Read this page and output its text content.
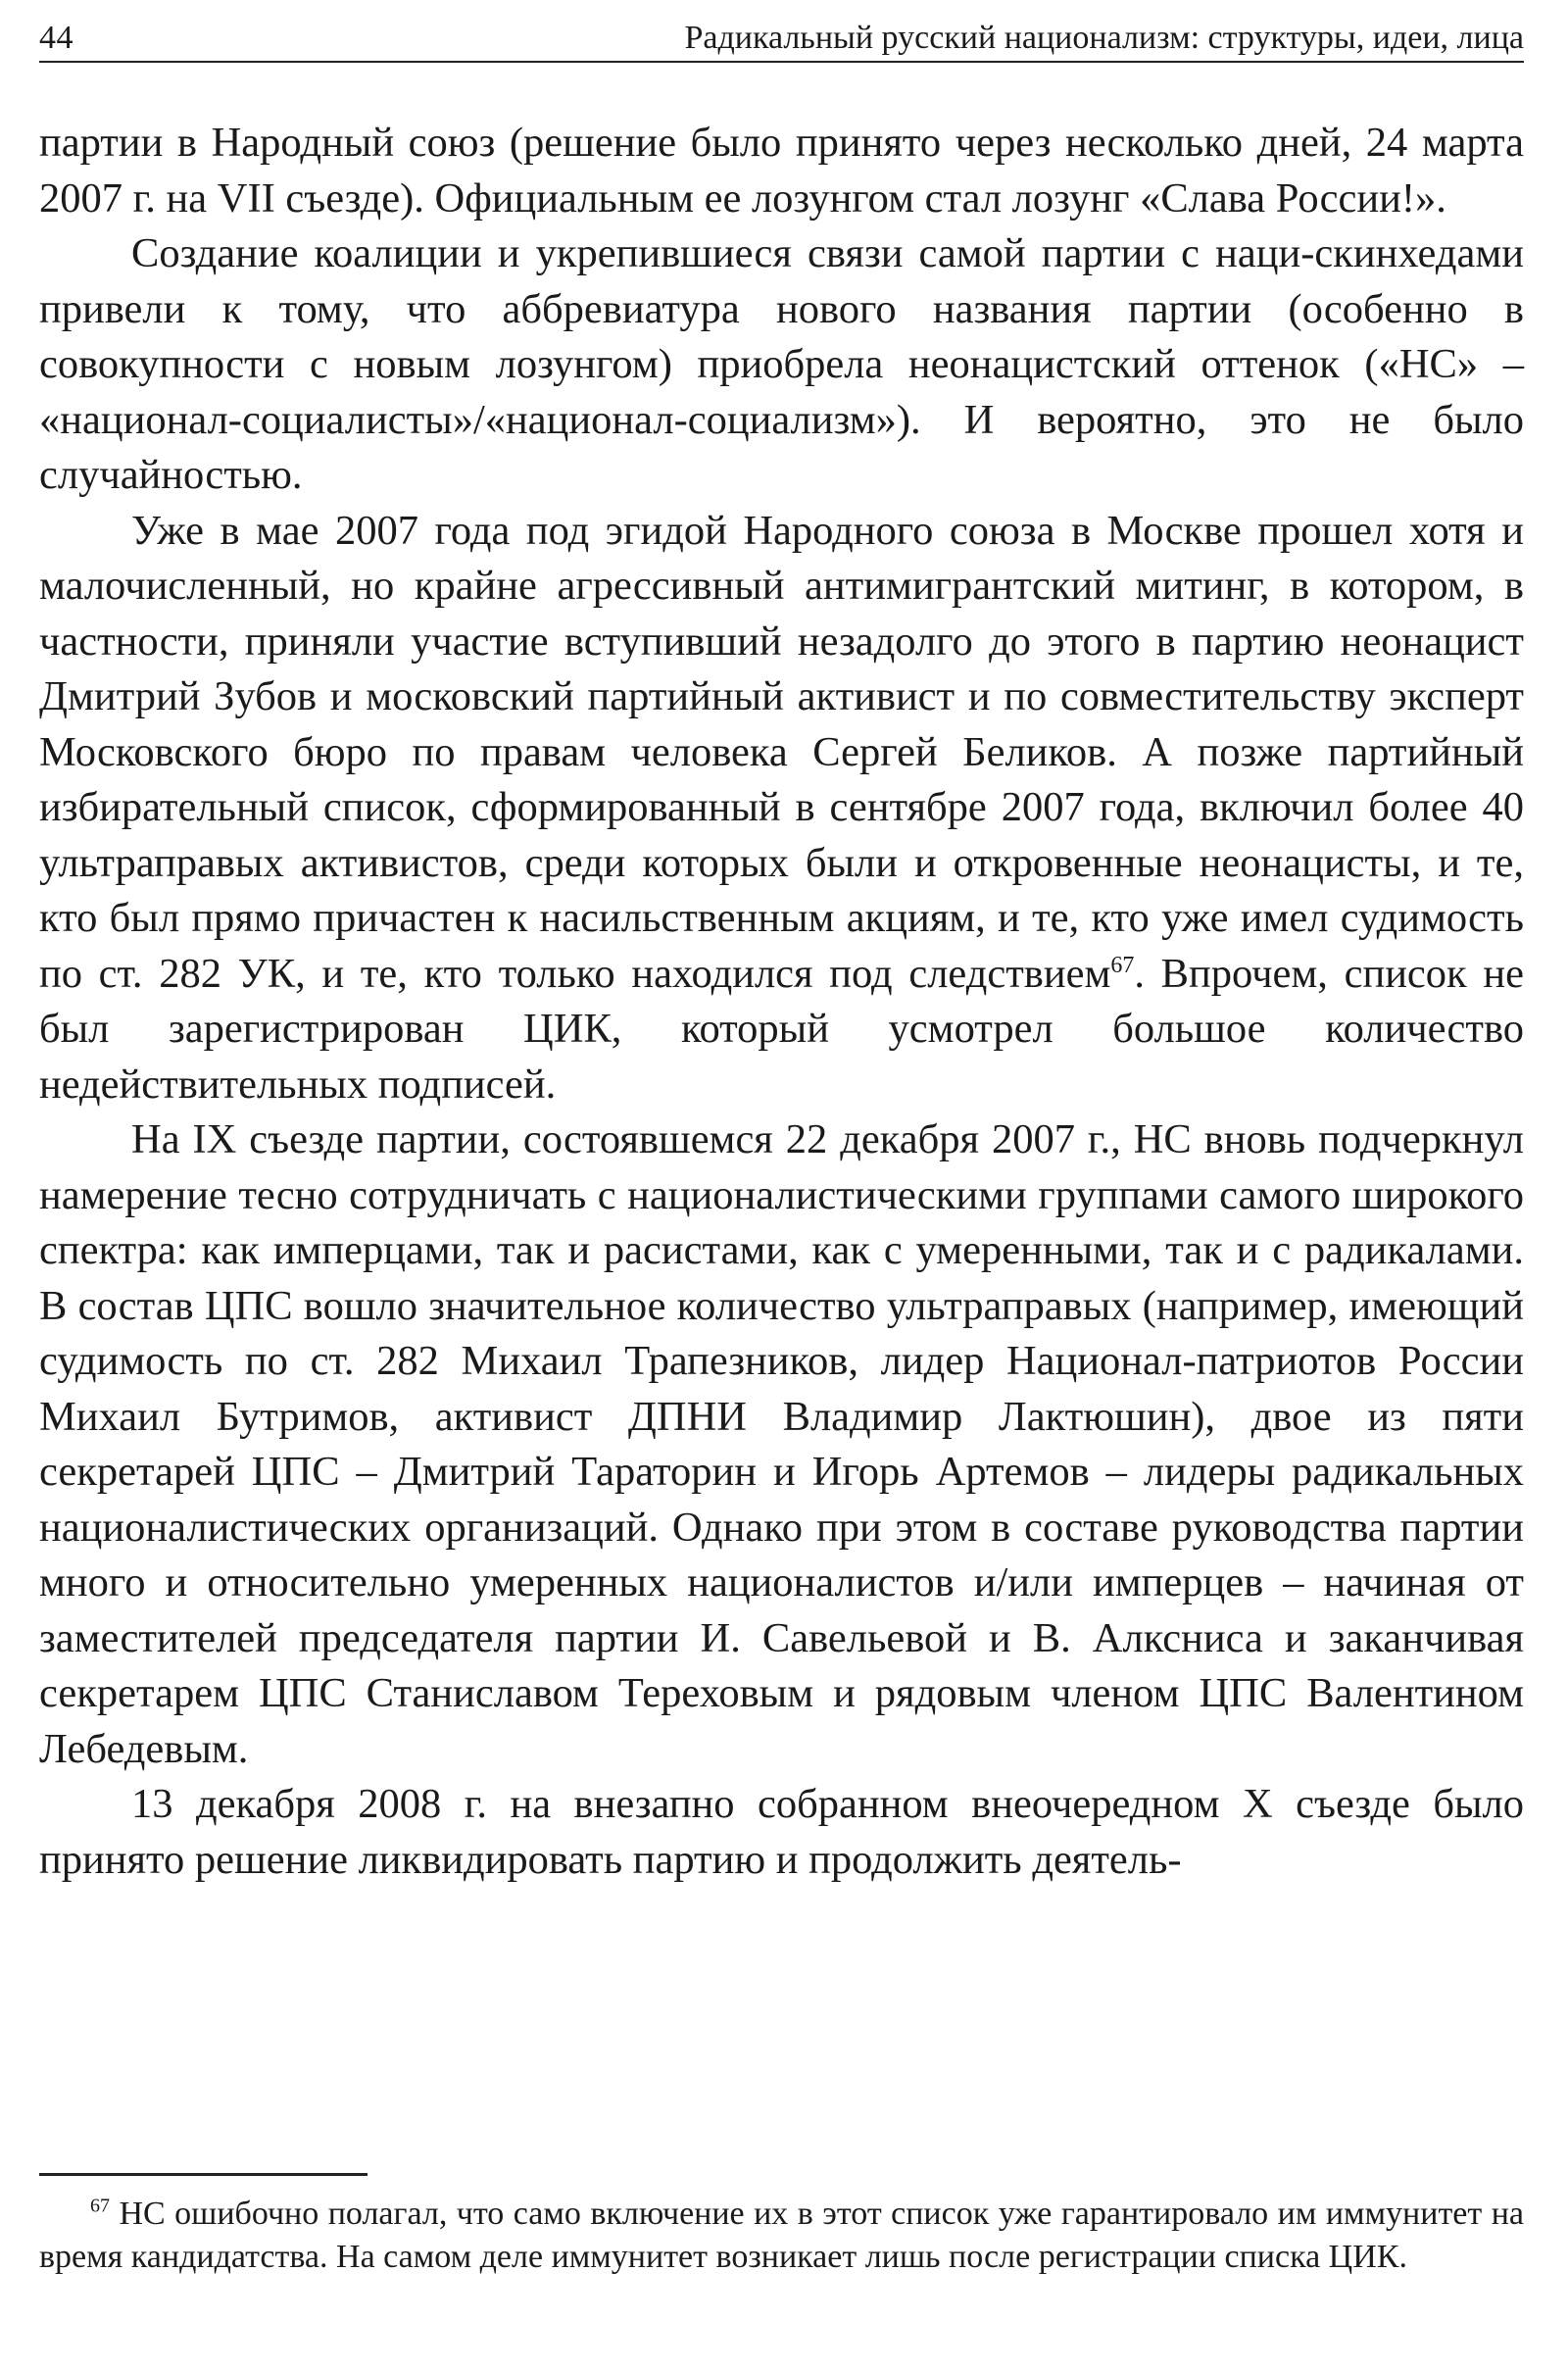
44	Радикальный русский национализм: структуры, идеи, лица

партии в Народный союз (решение было принято через несколько дней, 24 марта 2007 г. на VII съезде). Официальным ее лозунгом стал лозунг «Слава России!».

Создание коалиции и укрепившиеся связи самой партии с наци-скинхедами привели к тому, что аббревиатура нового названия партии (особенно в совокупности с новым лозунгом) приобрела неонацистский оттенок («НС» – «национал-социалисты»/«национал-социализм»). И вероятно, это не было случайностью.

Уже в мае 2007 года под эгидой Народного союза в Москве прошел хотя и малочисленный, но крайне агрессивный антимигрантский митинг, в котором, в частности, приняли участие вступивший незадолго до этого в партию неонацист Дмитрий Зубов и московский партийный активист и по совместительству эксперт Московского бюро по правам человека Сергей Беликов. А позже партийный избирательный список, сформированный в сентябре 2007 года, включил более 40 ультраправых активистов, среди которых были и откровенные неонацисты, и те, кто был прямо причастен к насильственным акциям, и те, кто уже имел судимость по ст. 282 УК, и те, кто только находился под следствием$^{67}$. Впрочем, список не был зарегистрирован ЦИК, который усмотрел большое количество недействительных подписей.

На IX съезде партии, состоявшемся 22 декабря 2007 г., НС вновь подчеркнул намерение тесно сотрудничать с националистическими группами самого широкого спектра: как имперцами, так и расистами, как с умеренными, так и с радикалами. В состав ЦПС вошло значительное количество ультраправых (например, имеющий судимость по ст. 282 Михаил Трапезников, лидер Национал-патриотов России Михаил Бутримов, активист ДПНИ Владимир Лактюшин), двое из пяти секретарей ЦПС – Дмитрий Тараторин и Игорь Артемов – лидеры радикальных националистических организаций. Однако при этом в составе руководства партии много и относительно умеренных националистов и/или имперцев – начиная от заместителей председателя партии И. Савельевой и В. Алксниса и заканчивая секретарем ЦПС Станиславом Тереховым и рядовым членом ЦПС Валентином Лебедевым.

13 декабря 2008 г. на внезапно собранном внеочередном X съезде было принято решение ликвидировать партию и продолжить деятель-

$^{67}$ НС ошибочно полагал, что само включение их в этот список уже гарантировало им иммунитет на время кандидатства. На самом деле иммунитет возникает лишь после регистрации списка ЦИК.
